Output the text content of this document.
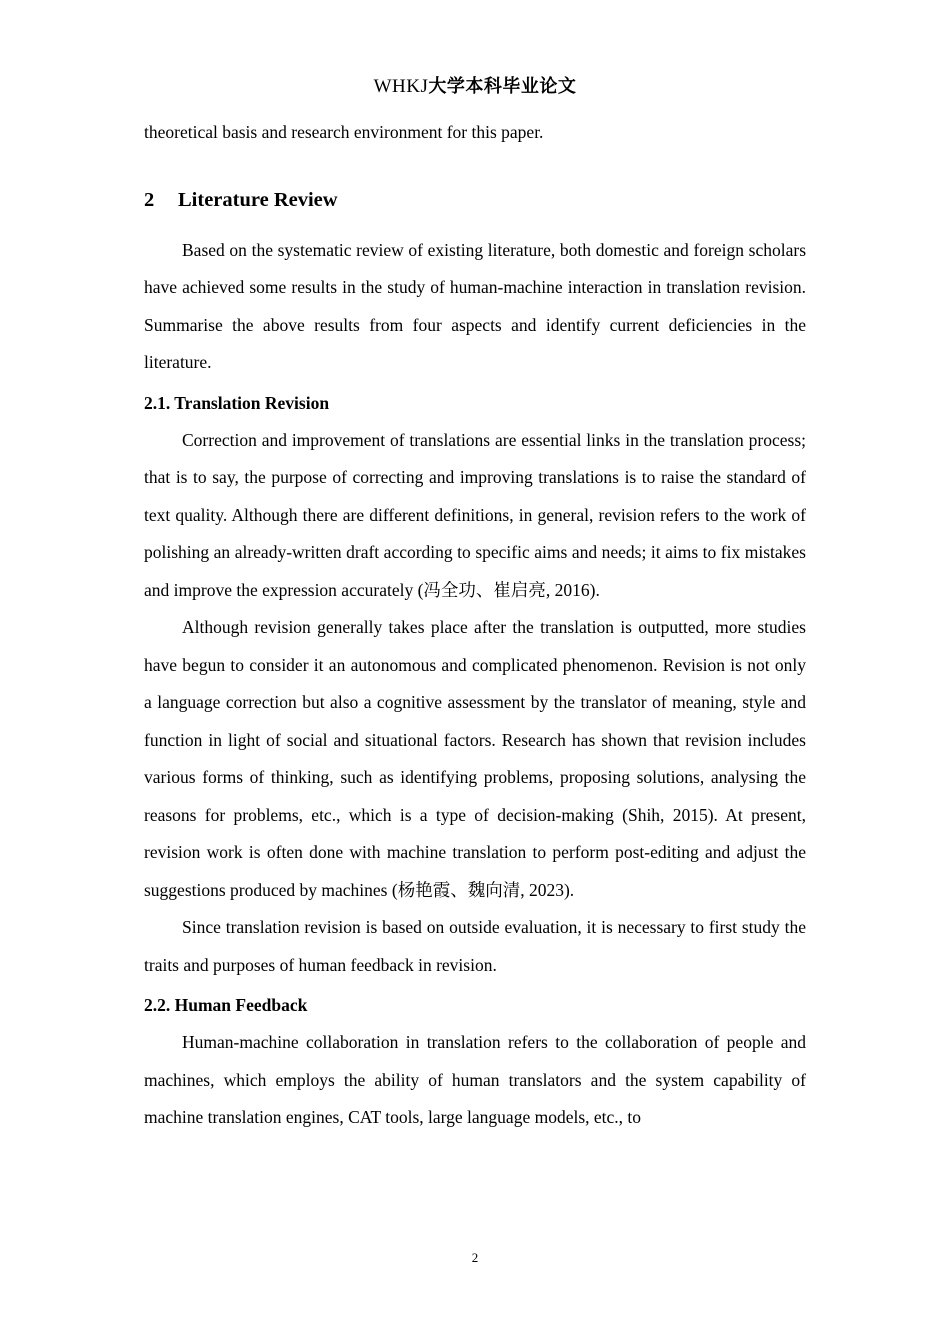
WHKJ大学本科毕业论文

theoretical basis and research environment for this paper.

2 Literature Review

Based on the systematic review of existing literature, both domestic and foreign scholars have achieved some results in the study of human-machine interaction in translation revision. Summarise the above results from four aspects and identify current deficiencies in the literature.

2.1. Translation Revision

Correction and improvement of translations are essential links in the translation process; that is to say, the purpose of correcting and improving translations is to raise the standard of text quality. Although there are different definitions, in general, revision refers to the work of polishing an already-written draft according to specific aims and needs; it aims to fix mistakes and improve the expression accurately (冯全功、崔启亮, 2016).

Although revision generally takes place after the translation is outputted, more studies have begun to consider it an autonomous and complicated phenomenon. Revision is not only a language correction but also a cognitive assessment by the translator of meaning, style and function in light of social and situational factors. Research has shown that revision includes various forms of thinking, such as identifying problems, proposing solutions, analysing the reasons for problems, etc., which is a type of decision-making (Shih, 2015). At present, revision work is often done with machine translation to perform post-editing and adjust the suggestions produced by machines (杨艳霞、魏向清, 2023).

Since translation revision is based on outside evaluation, it is necessary to first study the traits and purposes of human feedback in revision.

2.2. Human Feedback

Human-machine collaboration in translation refers to the collaboration of people and machines, which employs the ability of human translators and the system capability of machine translation engines, CAT tools, large language models, etc., to

2
